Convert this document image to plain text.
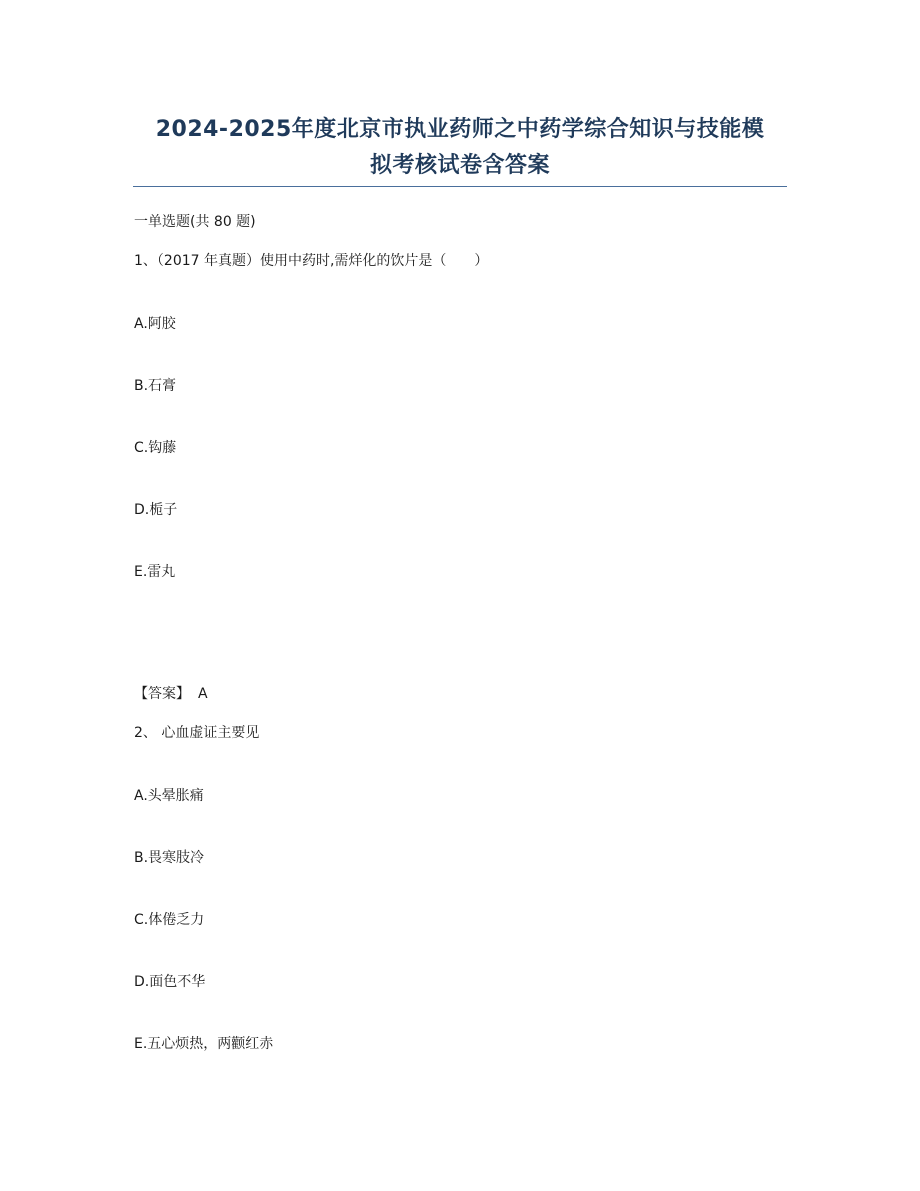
2024-2025年度北京市执业药师之中药学综合知识与技能模
拟考核试卷含答案
一单选题(共 80 题)
1、（2017 年真题）使用中药时,需烊化的饮片是（　　）
A.阿胶
B.石膏
C.钩藤
D.栀子
E.雷丸
【答案】 A
2、 心血虚证主要见
A.头晕胀痛
B.畏寒肢冷
C.体倦乏力
D.面色不华
E.五心烦热，两颧红赤
